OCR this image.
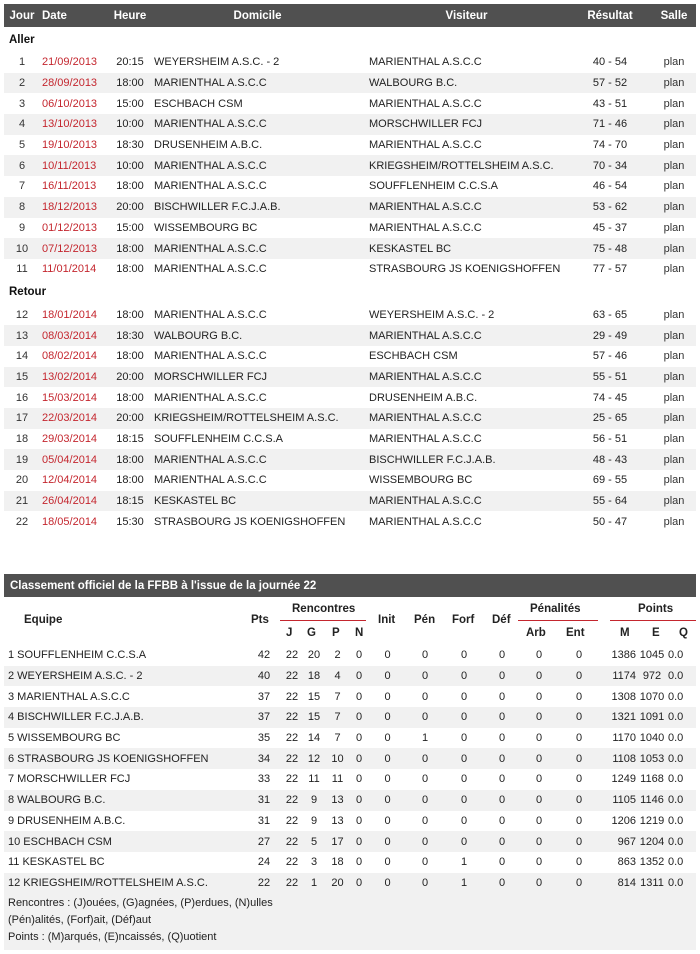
Jour Date	Heure	Domicile	Visiteur	Résultat	Salle
Aller
1	21/09/2013	20:15 WEYERSHEIM A.S.C. - 2	MARIENTHAL A.S.C.C	40 - 54	plan
2	28/09/2013	18:00 MARIENTHAL A.S.C.C	WALBOURG B.C.	57 - 52	plan
3	06/10/2013	15:00 ESCHBACH CSM	MARIENTHAL A.S.C.C	43 - 51	plan
4	13/10/2013	10:00 MARIENTHAL A.S.C.C	MORSCHWILLER FCJ	71 - 46	plan
5	19/10/2013	18:30 DRUSENHEIM A.B.C.	MARIENTHAL A.S.C.C	74 - 70	plan
6	10/11/2013	10:00 MARIENTHAL A.S.C.C	KRIEGSHEIM/ROTTELSHEIM A.S.C.	70 - 34	plan
7	16/11/2013	18:00 MARIENTHAL A.S.C.C	SOUFFLENHEIM C.C.S.A	46 - 54	plan
8	18/12/2013	20:00 BISCHWILLER F.C.J.A.B.	MARIENTHAL A.S.C.C	53 - 62	plan
9	01/12/2013	15:00 WISSEMBOURG BC	MARIENTHAL A.S.C.C	45 - 37	plan
10	07/12/2013	18:00 MARIENTHAL A.S.C.C	KESKASTEL BC	75 - 48	plan
11	11/01/2014	18:00 MARIENTHAL A.S.C.C	STRASBOURG JS KOENIGSHOFFEN	77 - 57	plan
Retour
12	18/01/2014	18:00 MARIENTHAL A.S.C.C	WEYERSHEIM A.S.C. - 2	63 - 65	plan
13	08/03/2014	18:30 WALBOURG B.C.	MARIENTHAL A.S.C.C	29 - 49	plan
14	08/02/2014	18:00 MARIENTHAL A.S.C.C	ESCHBACH CSM	57 - 46	plan
15	13/02/2014	20:00 MORSCHWILLER FCJ	MARIENTHAL A.S.C.C	55 - 51	plan
16	15/03/2014	18:00 MARIENTHAL A.S.C.C	DRUSENHEIM A.B.C.	74 - 45	plan
17	22/03/2014	20:00 KRIEGSHEIM/ROTTELSHEIM A.S.C.	MARIENTHAL A.S.C.C	25 - 65	plan
18	29/03/2014	18:15 SOUFFLENHEIM C.C.S.A	MARIENTHAL A.S.C.C	56 - 51	plan
19	05/04/2014	18:00 MARIENTHAL A.S.C.C	BISCHWILLER F.C.J.A.B.	48 - 43	plan
20	12/04/2014	18:00 MARIENTHAL A.S.C.C	WISSEMBOURG BC	69 - 55	plan
21	26/04/2014	18:15 KESKASTEL BC	MARIENTHAL A.S.C.C	55 - 64	plan
22	18/05/2014	15:30 STRASBOURG JS KOENIGSHOFFEN	MARIENTHAL A.S.C.C	50 - 47	plan
Classement officiel de la FFBB à l'issue de la journée 22
Equipe	Pts
Rencontres
J G P N
Init Pén Forf Déf
Pénalités
Arb Ent
Points
M E Q
1 SOUFFLENHEIM C.C.S.A	42	22 20	2	0	0	0	0	0	0	0	1386 1045 0.0
2 WEYERSHEIM A.S.C. - 2	40	22 18	4	0	0	0	0	0	0	0	1174 972 0.0
3 MARIENTHAL A.S.C.C	37	22 15	7	0	0	0	0	0	0	0	1308 1070 0.0
4 BISCHWILLER F.C.J.A.B.	37	22 15	7	0	0	0	0	0	0	0	1321 1091 0.0
5 WISSEMBOURG BC	35	22 14	7	0	0	1	0	0	0	0	1170 1040 0.0
6 STRASBOURG JS KOENIGSHOFFEN	34	22 12	10	0	0	0	0	0	0	0	1108 1053 0.0
7 MORSCHWILLER FCJ	33	22 11	11	0	0	0	0	0	0	0	1249 1168 0.0
8 WALBOURG B.C.	31	22	9	13	0	0	0	0	0	0	0	1105 1146 0.0
9 DRUSENHEIM A.B.C.	31	22	9	13	0	0	0	0	0	0	0	1206 1219 0.0
10 ESCHBACH CSM	27	22	5	17	0	0	0	0	0	0	0	967 1204 0.0
11 KESKASTEL BC	24	22	3	18	0	0	0	1	0	0	0	863 1352 0.0
12 KRIEGSHEIM/ROTTELSHEIM A.S.C.	22	22	1	20	0	0	0	1	0	0	0	814 1311 0.0
Rencontres : (J)ouées, (G)agnées, (P)erdues, (N)ulles
(Pén)alités, (Forf)ait, (Déf)aut
Points : (M)arqués, (E)ncaissés, (Q)uotient
